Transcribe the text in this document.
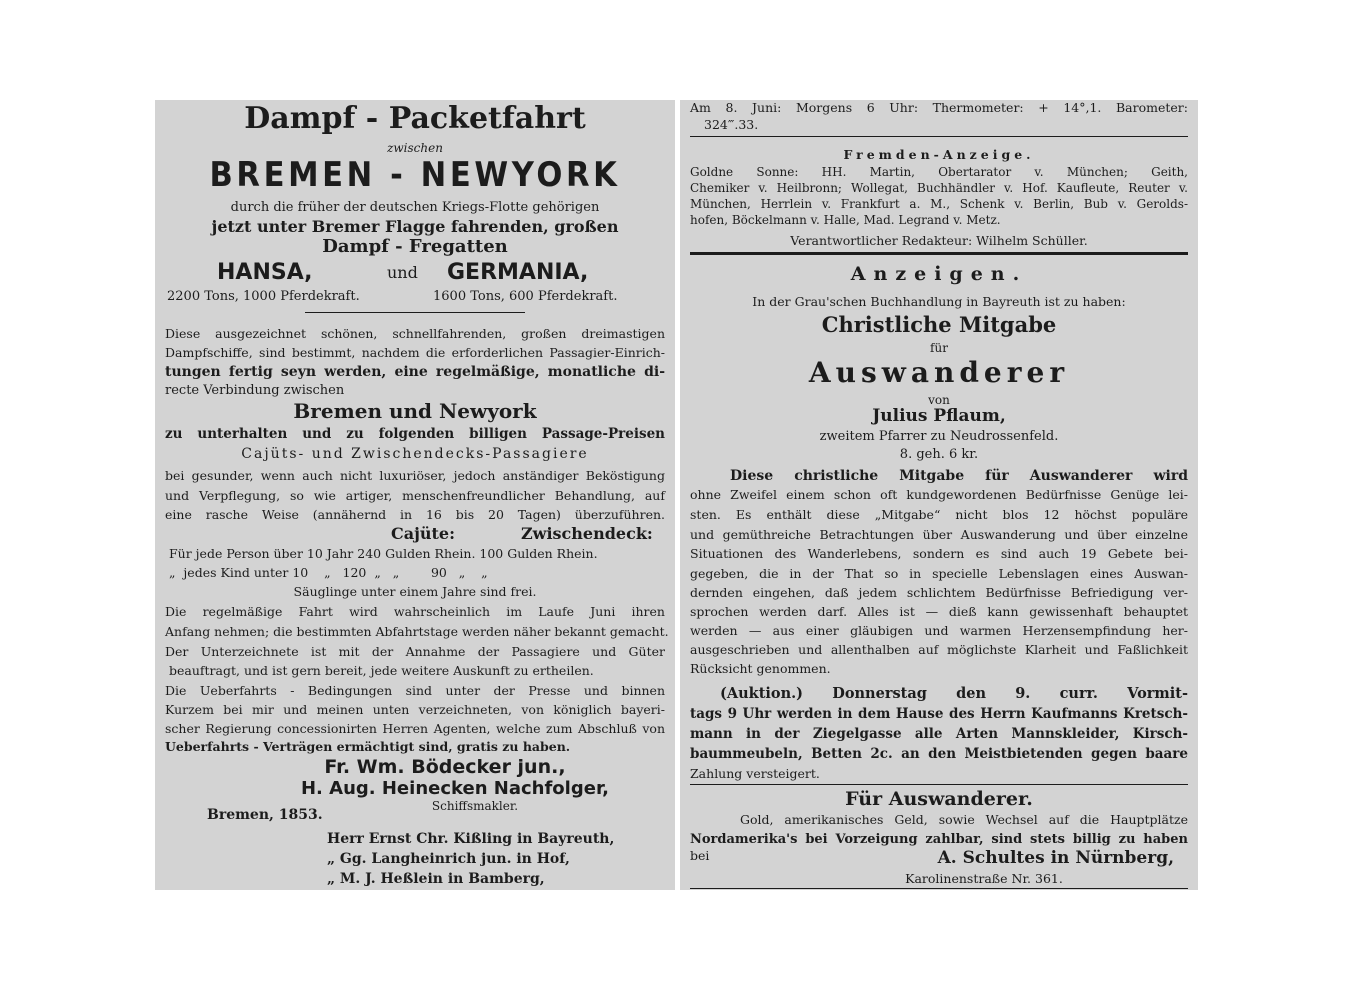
Dampf - Packetfahrt
zwischen
BREMEN - NEWYORK
durch die früher der deutschen Kriegs-Flotte gehörigen
jetzt unter Bremer Flagge fahrenden, großen
Dampf - Fregatten
HANSA,	und GERMANIA,
2200 Tons, 1000 Pferdekraft.	1600 Tons, 600 Pferdekraft.
Diese ausgezeichnet schönen, schnellfahrenden, großen dreimastigen
Dampfschiffe, sind bestimmt, nachdem die erforderlichen Passagier-Einrich-
tungen fertig seyn werden, eine regelmäßige, monatliche di-
recte Verbindung zwischen
Bremen und Newyork
zu unterhalten und zu folgenden billigen Passage-Preisen
Cajüts- und Zwischendecks-Passagiere
bei gesunder, wenn auch nicht luxuriöser, jedoch anständiger Beköstigung
und Verpflegung, so wie artiger, menschenfreundlicher Behandlung, auf
eine rasche Weise (annähernd in 16 bis 20 Tagen) überzuführen.
Cajüte:	Zwischendeck:
Für jede Person über 10 Jahr 240 Gulden Rhein. 100 Gulden Rhein.
„  jedes Kind unter 10    „   120  „   „        90   „    „
Säuglinge unter einem Jahre sind frei.
Die regelmäßige Fahrt wird wahrscheinlich im Laufe Juni ihren
Anfang nehmen; die bestimmten Abfahrtstage werden näher bekannt gemacht.
Der Unterzeichnete ist mit der Annahme der Passagiere und Güter
beauftragt, und ist gern bereit, jede weitere Auskunft zu ertheilen.
Die Ueberfahrts - Bedingungen sind unter der Presse und binnen
Kurzem bei mir und meinen unten verzeichneten, von königlich bayeri-
scher Regierung concessionirten Herren Agenten, welche zum Abschluß von
Ueberfahrts - Verträgen ermächtigt sind, gratis zu haben.
Fr. Wm. Bödecker jun.,
H. Aug. Heinecken Nachfolger,
Schiffsmakler.
Bremen, 1853.
Herr Ernst Chr. Kißling in Bayreuth,
„ Gg. Langheinrich jun. in Hof,
„ M. J. Heßlein in Bamberg,
Am 8. Juni: Morgens 6 Uhr: Thermometer: + 14°,1. Barometer:
324‴.33.
Fremden-Anzeige.
Goldne Sonne: HH. Martin, Obertarator v. München; Geith,
Chemiker v. Heilbronn; Wollegat, Buchhändler v. Hof. Kaufleute, Reuter v.
München, Herrlein v. Frankfurt a. M., Schenk v. Berlin, Bub v. Gerolds-
hofen, Böckelmann v. Halle, Mad. Legrand v. Metz.
Verantwortlicher Redakteur: Wilhelm Schüller.
Anzeigen.
In der Grau'schen Buchhandlung in Bayreuth ist zu haben:
Christliche Mitgabe
für
Auswanderer
von
Julius Pflaum,
zweitem Pfarrer zu Neudrossenfeld.
8. geh. 6 kr.
Diese christliche Mitgabe für Auswanderer wird
ohne Zweifel einem schon oft kundgewordenen Bedürfnisse Genüge lei-
sten. Es enthält diese „Mitgabe“ nicht blos 12 höchst populäre
und gemüthreiche Betrachtungen über Auswanderung und über einzelne
Situationen des Wanderlebens, sondern es sind auch 19 Gebete bei-
gegeben, die in der That so in specielle Lebenslagen eines Auswan-
dernden eingehen, daß jedem schlichtem Bedürfnisse Befriedigung ver-
sprochen werden darf. Alles ist — dieß kann gewissenhaft behauptet
werden — aus einer gläubigen und warmen Herzensempfindung her-
ausgeschrieben und allenthalben auf möglichste Klarheit und Faßlichkeit
Rücksicht genommen.
(Auktion.) Donnerstag den 9. curr. Vormit-
tags 9 Uhr werden in dem Hause des Herrn Kaufmanns Kretsch-
mann in der Ziegelgasse alle Arten Mannskleider, Kirsch-
baummeubeln, Betten 2c. an den Meistbietenden gegen baare
Zahlung versteigert.
Für Auswanderer.
Gold, amerikanisches Geld, sowie Wechsel auf die Hauptplätze
Nordamerika's bei Vorzeigung zahlbar, sind stets billig zu haben
bei	A. Schultes in Nürnberg,
Karolinenstraße Nr. 361.
